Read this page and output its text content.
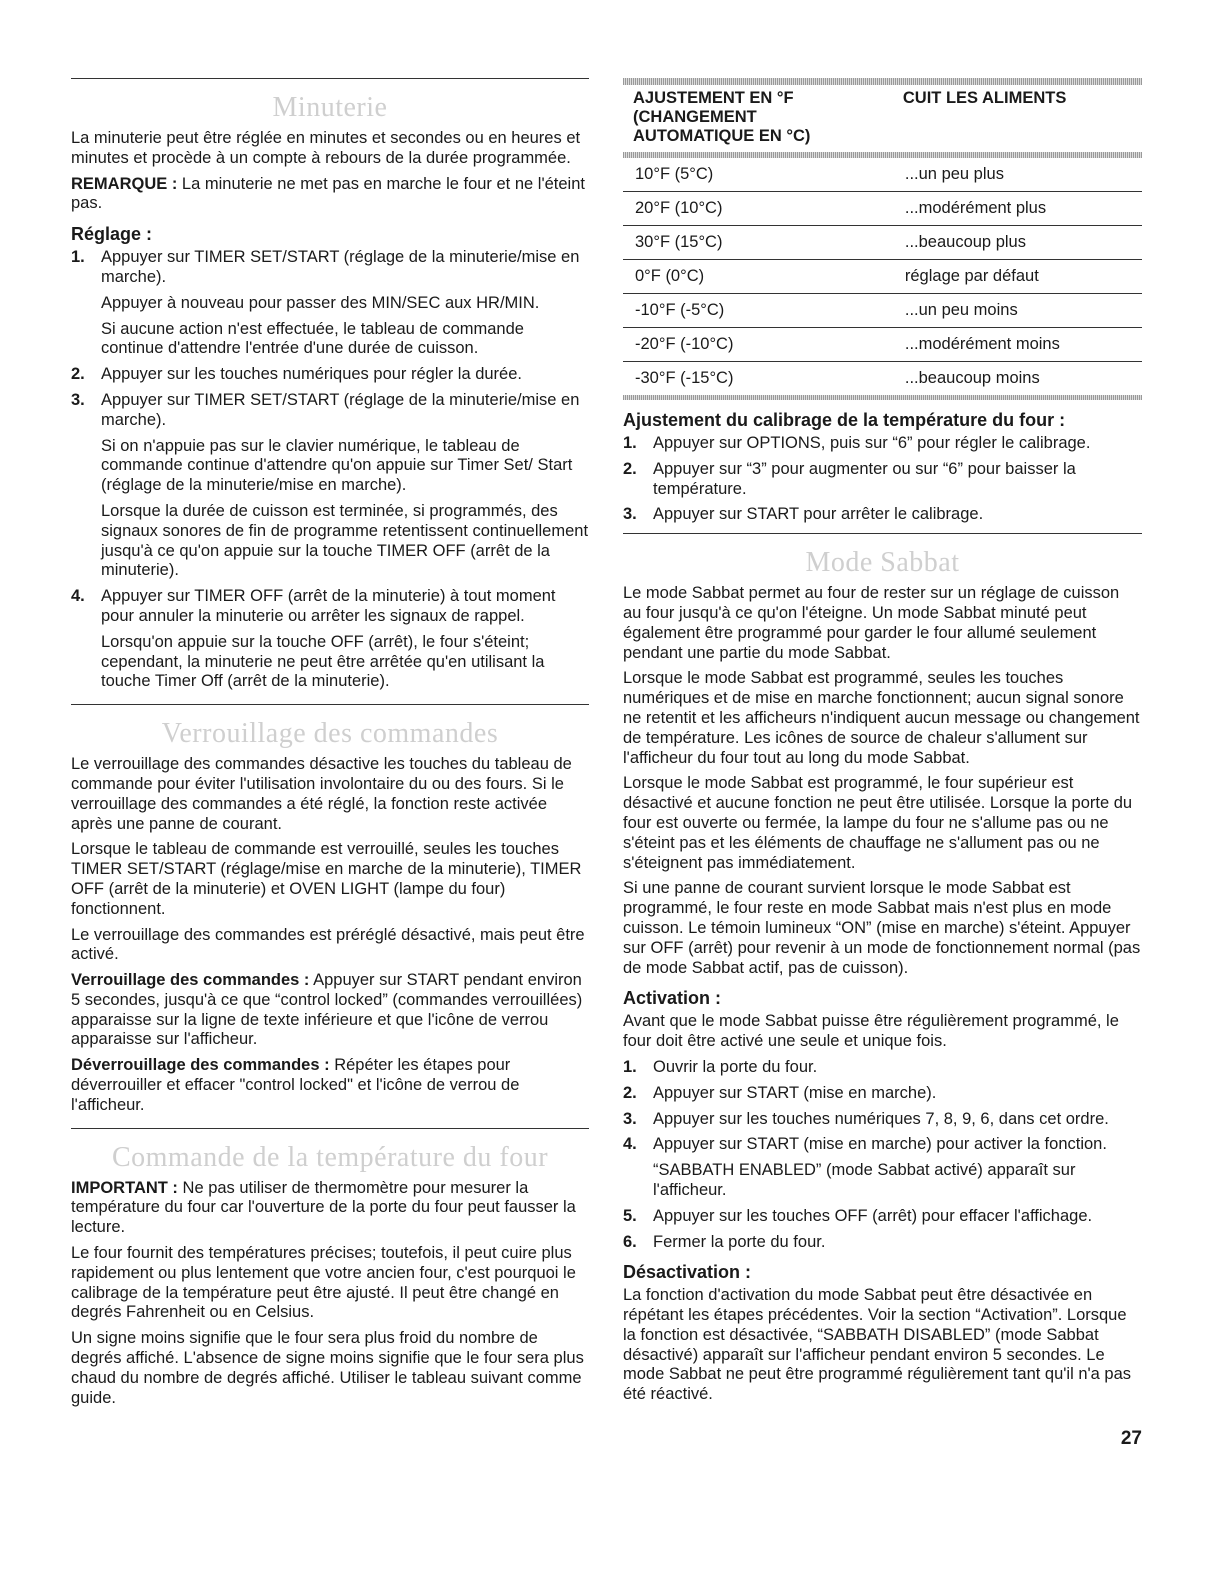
Minuterie

La minuterie peut être réglée en minutes et secondes ou en heures et minutes et procède à un compte à rebours de la durée programmée.

REMARQUE : La minuterie ne met pas en marche le four et ne l'éteint pas.

Réglage :
1. Appuyer sur TIMER SET/START (réglage de la minuterie/mise en marche).

Appuyer à nouveau pour passer des MIN/SEC aux HR/MIN.

Si aucune action n'est effectuée, le tableau de commande continue d'attendre l'entrée d'une durée de cuisson.

2. Appuyer sur les touches numériques pour régler la durée.

3. Appuyer sur TIMER SET/START (réglage de la minuterie/mise en marche).

Si on n'appuie pas sur le clavier numérique, le tableau de commande continue d'attendre qu'on appuie sur Timer Set/ Start (réglage de la minuterie/mise en marche).

Lorsque la durée de cuisson est terminée, si programmés, des signaux sonores de fin de programme retentissent continuellement jusqu'à ce qu'on appuie sur la touche TIMER OFF (arrêt de la minuterie).

4. Appuyer sur TIMER OFF (arrêt de la minuterie) à tout moment pour annuler la minuterie ou arrêter les signaux de rappel.

Lorsqu'on appuie sur la touche OFF (arrêt), le four s'éteint; cependant, la minuterie ne peut être arrêtée qu'en utilisant la touche Timer Off (arrêt de la minuterie).

Verrouillage des commandes

Le verrouillage des commandes désactive les touches du tableau de commande pour éviter l'utilisation involontaire du ou des fours. Si le verrouillage des commandes a été réglé, la fonction reste activée après une panne de courant.

Lorsque le tableau de commande est verrouillé, seules les touches TIMER SET/START (réglage/mise en marche de la minuterie), TIMER OFF (arrêt de la minuterie) et OVEN LIGHT (lampe du four) fonctionnent.

Le verrouillage des commandes est préréglé désactivé, mais peut être activé.

Verrouillage des commandes : Appuyer sur START pendant environ 5 secondes, jusqu'à ce que “control locked” (commandes verrouillées) apparaisse sur la ligne de texte inférieure et que l'icône de verrou apparaisse sur l'afficheur.

Déverrouillage des commandes : Répéter les étapes pour déverrouiller et effacer "control locked" et l'icône de verrou de l'afficheur.

Commande de la température du four

IMPORTANT : Ne pas utiliser de thermomètre pour mesurer la température du four car l'ouverture de la porte du four peut fausser la lecture.

Le four fournit des températures précises; toutefois, il peut cuire plus rapidement ou plus lentement que votre ancien four, c'est pourquoi le calibrage de la température peut être ajusté. Il peut être changé en degrés Fahrenheit ou en Celsius.

Un signe moins signifie que le four sera plus froid du nombre de degrés affiché. L'absence de signe moins signifie que le four sera plus chaud du nombre de degrés affiché. Utiliser le tableau suivant comme guide.

AJUSTEMENT EN °F
(CHANGEMENT
AUTOMATIQUE EN °C)	CUIT LES ALIMENTS
10°F (5°C)	...un peu plus
20°F (10°C)	...modérément plus
30°F (15°C)	...beaucoup plus
0°F (0°C)	réglage par défaut
-10°F (-5°C)	...un peu moins
-20°F (-10°C)	...modérément moins
-30°F (-15°C)	...beaucoup moins
Ajustement du calibrage de la température du four :
1. Appuyer sur OPTIONS, puis sur “6” pour régler le calibrage.

2. Appuyer sur “3” pour augmenter ou sur “6” pour baisser la température.

3. Appuyer sur START pour arrêter le calibrage.

Mode Sabbat

Le mode Sabbat permet au four de rester sur un réglage de cuisson au four jusqu'à ce qu'on l'éteigne. Un mode Sabbat minuté peut également être programmé pour garder le four allumé seulement pendant une partie du mode Sabbat.

Lorsque le mode Sabbat est programmé, seules les touches numériques et de mise en marche fonctionnent; aucun signal sonore ne retentit et les afficheurs n'indiquent aucun message ou changement de température. Les icônes de source de chaleur s'allument sur l'afficheur du four tout au long du mode Sabbat.

Lorsque le mode Sabbat est programmé, le four supérieur est désactivé et aucune fonction ne peut être utilisée. Lorsque la porte du four est ouverte ou fermée, la lampe du four ne s'allume pas ou ne s'éteint pas et les éléments de chauffage ne s'allument pas ou ne s'éteignent pas immédiatement.

Si une panne de courant survient lorsque le mode Sabbat est programmé, le four reste en mode Sabbat mais n'est plus en mode cuisson. Le témoin lumineux “ON” (mise en marche) s'éteint. Appuyer sur OFF (arrêt) pour revenir à un mode de fonctionnement normal (pas de mode Sabbat actif, pas de cuisson).

Activation :

Avant que le mode Sabbat puisse être régulièrement programmé, le four doit être activé une seule et unique fois.

1. Ouvrir la porte du four.

2. Appuyer sur START (mise en marche).

3. Appuyer sur les touches numériques 7, 8, 9, 6, dans cet ordre.

4. Appuyer sur START (mise en marche) pour activer la fonction.

“SABBATH ENABLED” (mode Sabbat activé) apparaît sur l'afficheur.

5. Appuyer sur les touches OFF (arrêt) pour effacer l'affichage.

6. Fermer la porte du four.

Désactivation :

La fonction d'activation du mode Sabbat peut être désactivée en répétant les étapes précédentes. Voir la section “Activation”. Lorsque la fonction est désactivée, “SABBATH DISABLED” (mode Sabbat désactivé) apparaît sur l'afficheur pendant environ 5 secondes. Le mode Sabbat ne peut être programmé régulièrement tant qu'il n'a pas été réactivé.

27
